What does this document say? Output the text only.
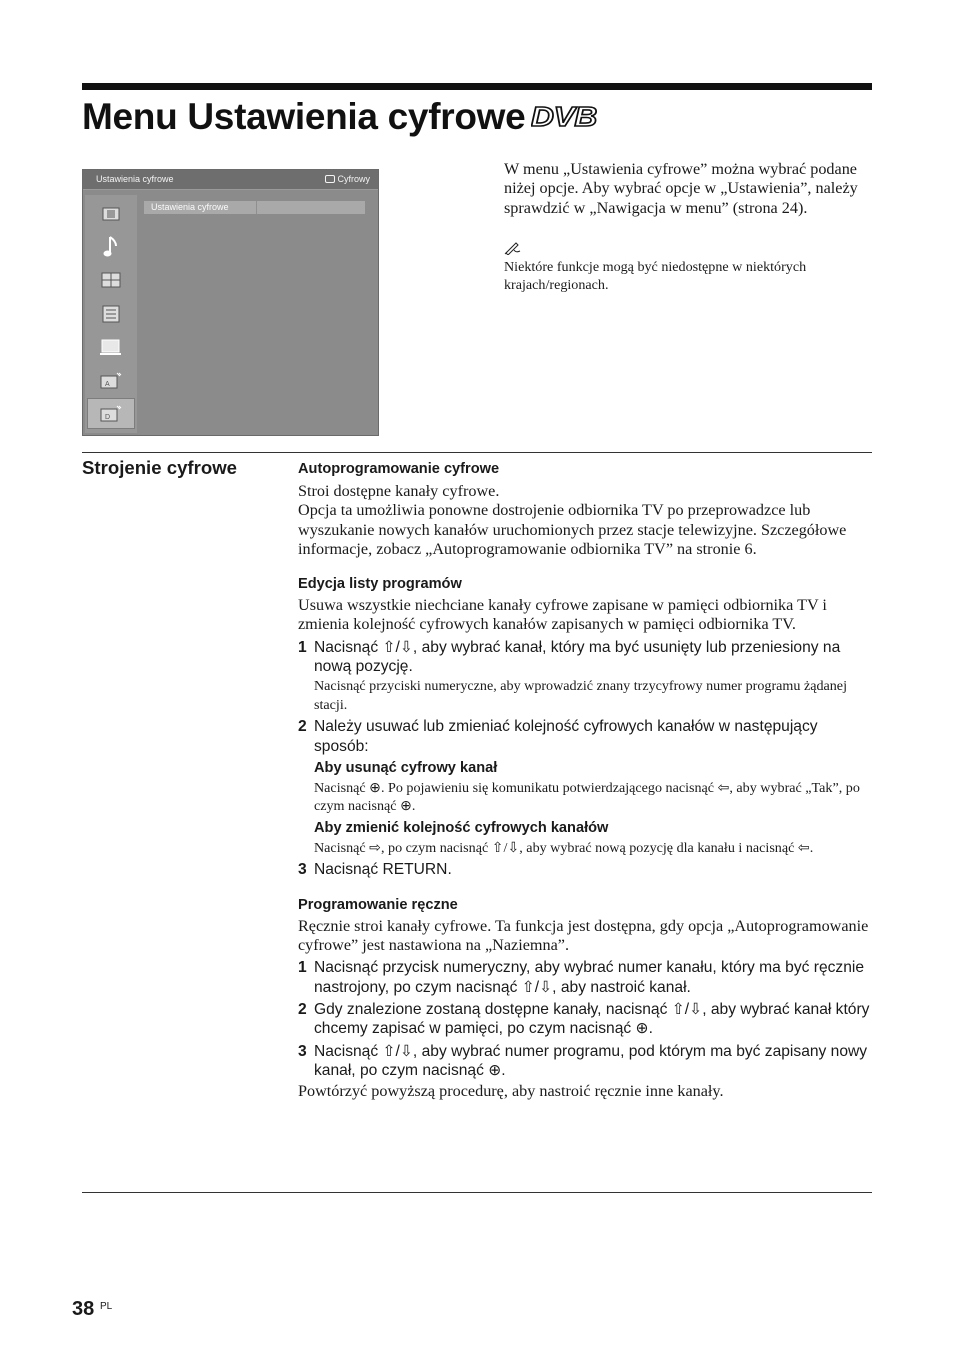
Menu Ustawienia cyfrowe DVB
Ustawienia cyfrowe	Cyfrowy
A
D
Ustawienia cyfrowe

W menu „Ustawienia cyfrowe” można wybrać podane niżej opcje. Aby wybrać opcje w „Ustawienia”, należy sprawdzić w „Nawigacja w menu” (strona 24).

Niektóre funkcje mogą być niedostępne w niektórych krajach/regionach.

Strojenie cyfrowe	Autoprogramowanie cyfrowe

Stroi dostępne kanały cyfrowe.
Opcja ta umożliwia ponowne dostrojenie odbiornika TV po przeprowadzce lub wyszukanie nowych kanałów uruchomionych przez stacje telewizyjne. Szczegółowe informacje, zobacz „Autoprogramowanie odbiornika TV” na stronie 6.

Edycja listy programów

Usuwa wszystkie niechciane kanały cyfrowe zapisane w pamięci odbiornika TV i zmienia kolejność cyfrowych kanałów zapisanych w pamięci odbiornika TV.

1 Nacisnąć ⇧/⇩, aby wybrać kanał, który ma być usunięty lub przeniesiony na nową pozycję.

Nacisnąć przyciski numeryczne, aby wprowadzić znany trzycyfrowy numer programu żądanej stacji.

2 Należy usuwać lub zmieniać kolejność cyfrowych kanałów w następujący sposób:

Aby usunąć cyfrowy kanał

Nacisnąć ⊕. Po pojawieniu się komunikatu potwierdzającego nacisnąć ⇦, aby wybrać „Tak”, po czym nacisnąć ⊕.

Aby zmienić kolejność cyfrowych kanałów

Nacisnąć ⇨, po czym nacisnąć ⇧/⇩, aby wybrać nową pozycję dla kanału i nacisnąć ⇦.

3 Nacisnąć RETURN.

Programowanie ręczne

Ręcznie stroi kanały cyfrowe. Ta funkcja jest dostępna, gdy opcja „Autoprogramowanie cyfrowe” jest nastawiona na „Naziemna”.

1 Nacisnąć przycisk numeryczny, aby wybrać numer kanału, który ma być ręcznie nastrojony, po czym nacisnąć ⇧/⇩, aby nastroić kanał.

2 Gdy znalezione zostaną dostępne kanały, nacisnąć ⇧/⇩, aby wybrać kanał który chcemy zapisać w pamięci, po czym nacisnąć ⊕.

3 Nacisnąć ⇧/⇩, aby wybrać numer programu, pod którym ma być zapisany nowy kanał, po czym nacisnąć ⊕.

Powtórzyć powyższą procedurę, aby nastroić ręcznie inne kanały.

38 PL
